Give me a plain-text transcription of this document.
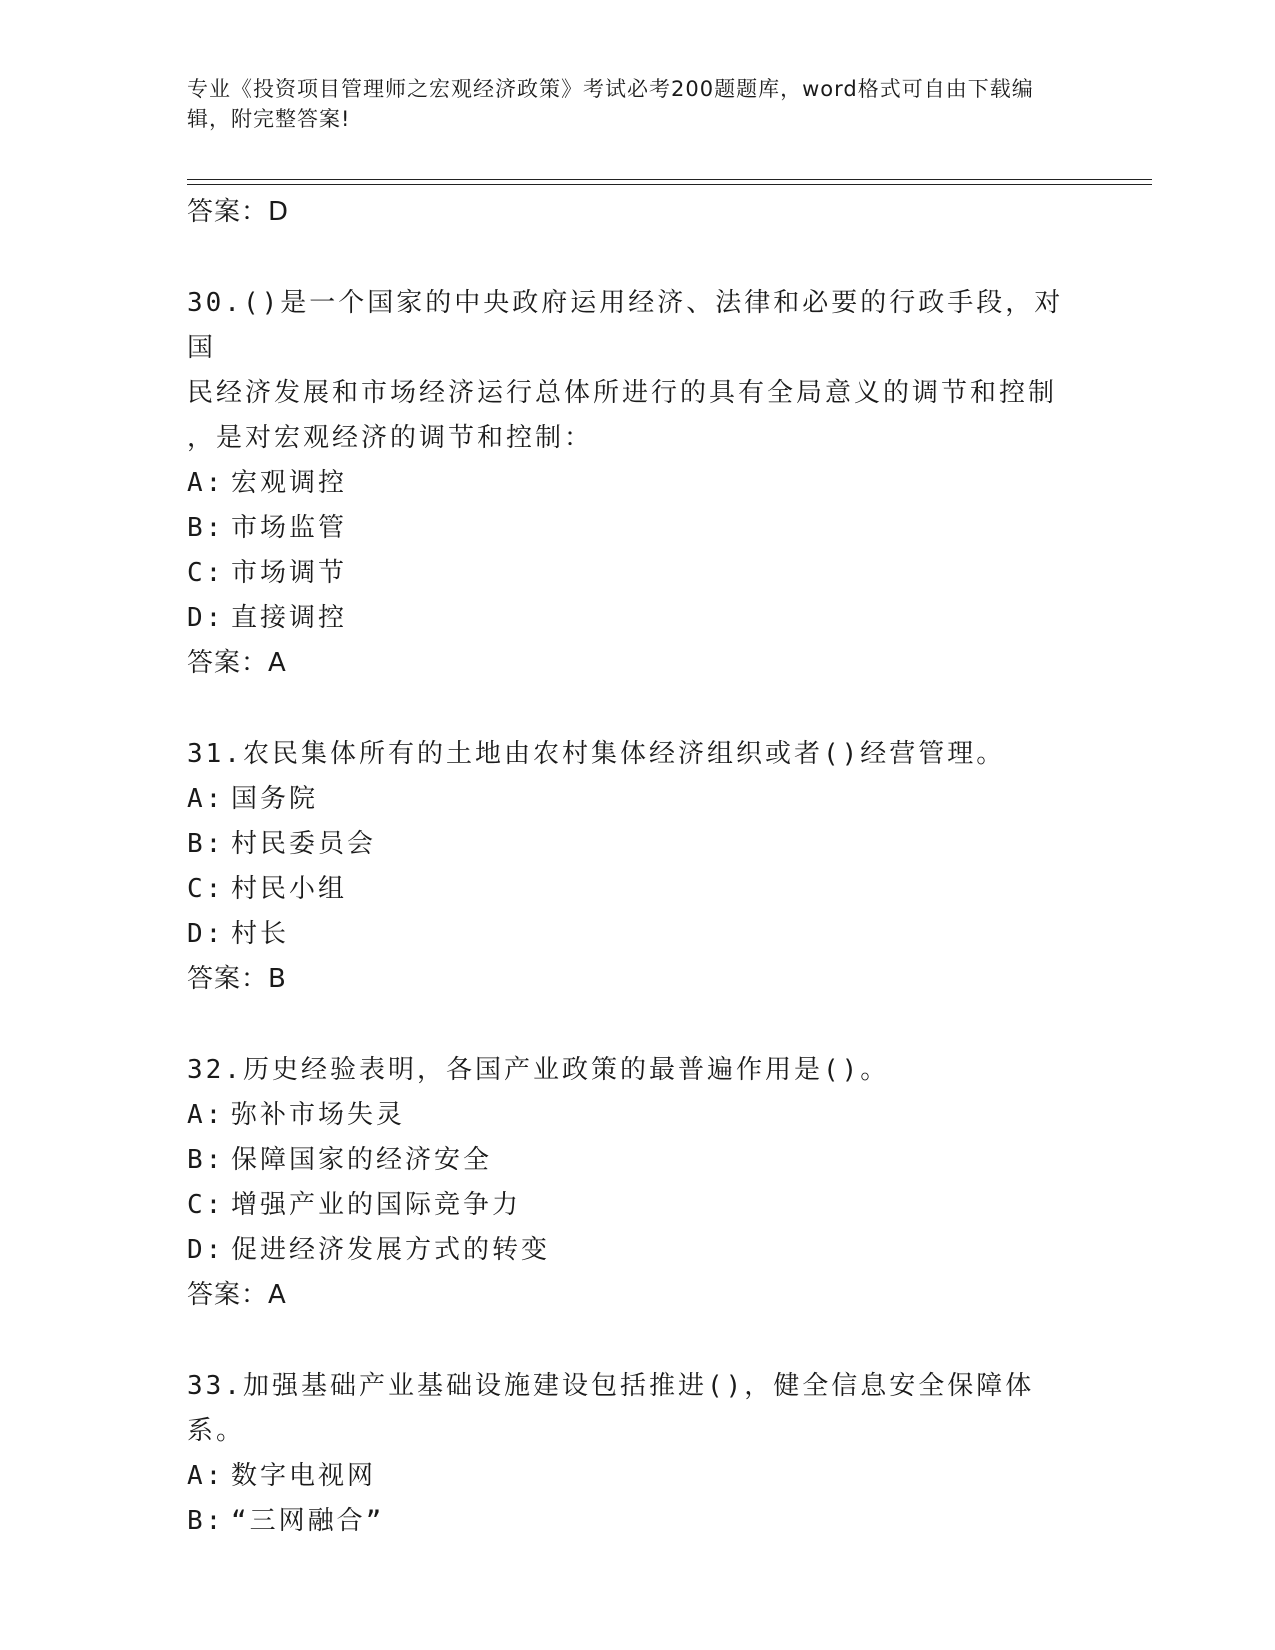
专业《投资项目管理师之宏观经济政策》考试必考200题题库，word格式可自由下载编辑，附完整答案!
答案：D
30.()是一个国家的中央政府运用经济、法律和必要的行政手段，对国
民经济发展和市场经济运行总体所进行的具有全局意义的调节和控制
，是对宏观经济的调节和控制：
A: 宏观调控
B: 市场监管
C: 市场调节
D: 直接调控
答案：A
31.农民集体所有的土地由农村集体经济组织或者()经营管理。
A: 国务院
B: 村民委员会
C: 村民小组
D: 村长
答案：B
32.历史经验表明，各国产业政策的最普遍作用是()。
A: 弥补市场失灵
B: 保障国家的经济安全
C: 增强产业的国际竞争力
D: 促进经济发展方式的转变
答案：A
33.加强基础产业基础设施建设包括推进()，健全信息安全保障体系。
A: 数字电视网
B: “三网融合”
